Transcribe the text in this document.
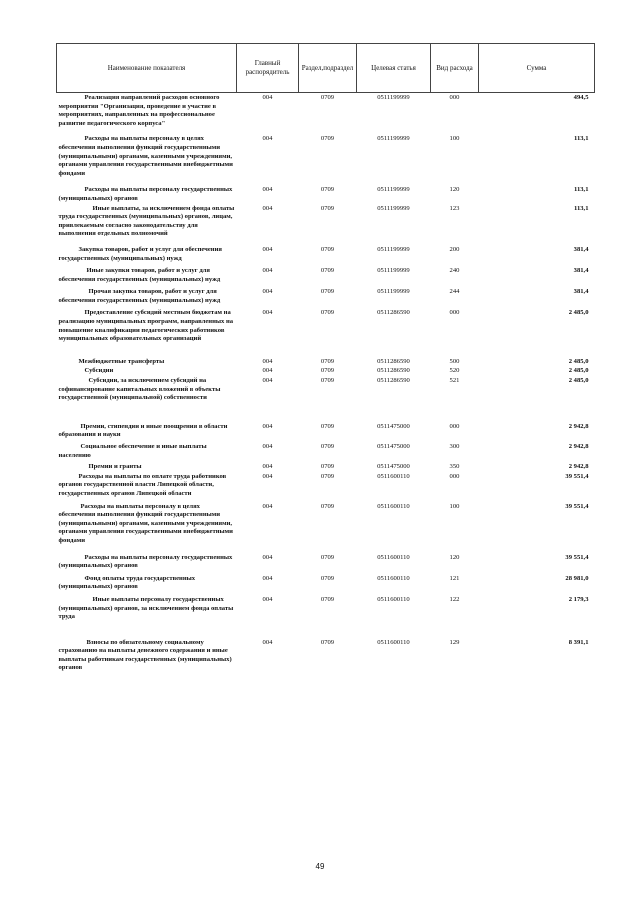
Наименование показателя	Главный распорядитель	Раздел,подраздел	Целевая статья	Вид расхода	Сумма
Реализация направлений расходов основного мероприятия "Организация, проведение и участие в мероприятиях, направленных на профессиональное развитие педагогического корпуса"	004	0709	0511199999	000	494,5
Расходы на выплаты персоналу в целях обеспечения выполнения функций государственными (муниципальными) органами, казенными учреждениями, органами управления государственными внебюджетными фондами	004	0709	0511199999	100	113,1
Расходы на выплаты персоналу государственных (муниципальных) органов	004	0709	0511199999	120	113,1
Иные выплаты, за исключением фонда оплаты труда государственных (муниципальных) органов, лицам, привлекаемым согласно законодательству для выполнения отдельных полномочий	004	0709	0511199999	123	113,1
Закупка товаров, работ и услуг для обеспечения государственных (муниципальных) нужд	004	0709	0511199999	200	381,4
Иные закупки товаров, работ и услуг для обеспечения государственных (муниципальных) нужд	004	0709	0511199999	240	381,4
Прочая закупка товаров, работ и услуг для обеспечения государственных (муниципальных) нужд	004	0709	0511199999	244	381,4
Предоставление субсидий местным бюджетам на реализацию муниципальных программ, направленных на повышение квалификации педагогических работников муниципальных образовательных организаций	004	0709	0511286590	000	2 485,0
Межбюджетные трансферты	004	0709	0511286590	500	2 485,0
Субсидии	004	0709	0511286590	520	2 485,0
Субсидии, за исключением субсидий на софинансирование капитальных вложений в объекты государственной (муниципальной) собственности	004	0709	0511286590	521	2 485,0
Премии, стипендии и иные поощрения в области образования и науки	004	0709	0511475000	000	2 942,8
Социальное обеспечение и иные выплаты населению	004	0709	0511475000	300	2 942,8
Премии и гранты	004	0709	0511475000	350	2 942,8
Расходы на выплаты по оплате труда работников органов государственной власти Липецкой области, государственных органов Липецкой области	004	0709	0511600110	000	39 551,4
Расходы на выплаты персоналу в целях обеспечения выполнения функций государственными (муниципальными) органами, казенными учреждениями, органами управления государственными внебюджетными фондами	004	0709	0511600110	100	39 551,4
Расходы на выплаты персоналу государственных (муниципальных) органов	004	0709	0511600110	120	39 551,4
Фонд оплаты труда государственных (муниципальных) органов	004	0709	0511600110	121	28 981,0
Иные выплаты персоналу государственных (муниципальных) органов, за исключением фонда оплаты труда	004	0709	0511600110	122	2 179,3
Взносы по обязательному социальному страхованию на выплаты денежного содержания и иные выплаты работникам государственных (муниципальных) органов	004	0709	0511600110	129	8 391,1
49
